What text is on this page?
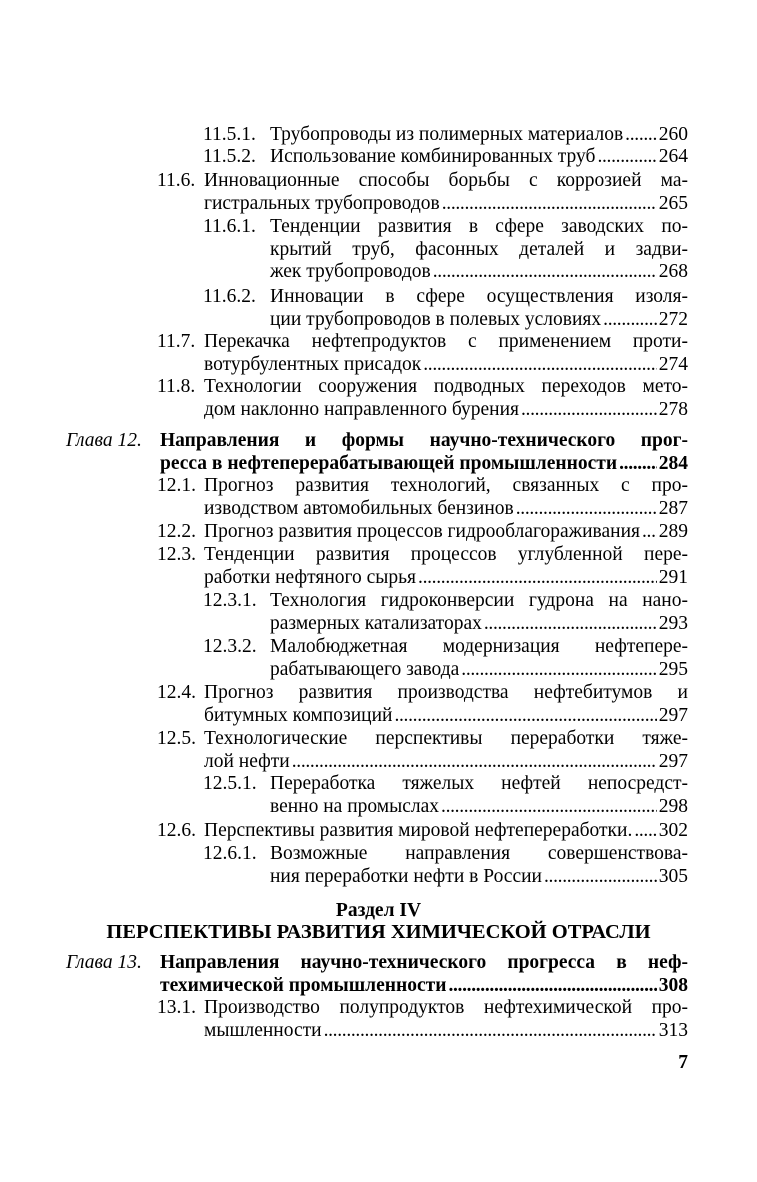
11.5.1. Трубопроводы из полимерных материалов . . . 260
11.5.2. Использование комбинированных труб . . .	264
11.6. Инновационные способы борьбы с коррозией ма-
гистральных трубопроводов . . .	265
11.6.1. Тенденции развития в сфере заводских по-
крытий труб, фасонных деталей и задви-
жек трубопроводов . . .	268
11.6.2. Инновации в сфере осуществления изоля-
ции трубопроводов в полевых условиях . . .	272
11.7. Перекачка нефтепродуктов с применением проти-
вотурбулентных присадок . . .	274
11.8. Технологии сооружения подводных переходов мето-
дом наклонно направленного бурения . . .	278
Глава 12. Направления и формы научно-технического прог-
ресса в нефтеперерабатывающей промышленности . . . 284
12.1. Прогноз развития технологий, связанных с про-
изводством автомобильных бензинов . . .	287
12.2. Прогноз развития процессов гидрооблагораживания . . . 289
12.3. Тенденции развития процессов углубленной пере-
работки нефтяного сырья . . .	291
12.3.1. Технология гидроконверсии гудрона на нано-
размерных катализаторах . . .	293
12.3.2. Малобюджетная модернизация нефтепере-
рабатывающего завода . . .	295
12.4. Прогноз развития производства нефтебитумов и
битумных композиций . . .	297
12.5. Технологические перспективы переработки тяже-
лой нефти . . .	297
12.5.1. Переработка тяжелых нефтей непосредст-
венно на промыслах . . .	298
12.6. Перспективы развития мировой нефтепереработки. . . . 302
12.6.1. Возможные направления совершенствова-
ния переработки нефти в России . . .	305
Глава 13. Направления научно-технического прогресса в неф-
техимической промышленности . . .	308
13.1. Производство полупродуктов нефтехимической про-
мышленности . . .	313
Раздел IV
ПЕРСПЕКТИВЫ РАЗВИТИЯ ХИМИЧЕСКОЙ ОТРАСЛИ
7
